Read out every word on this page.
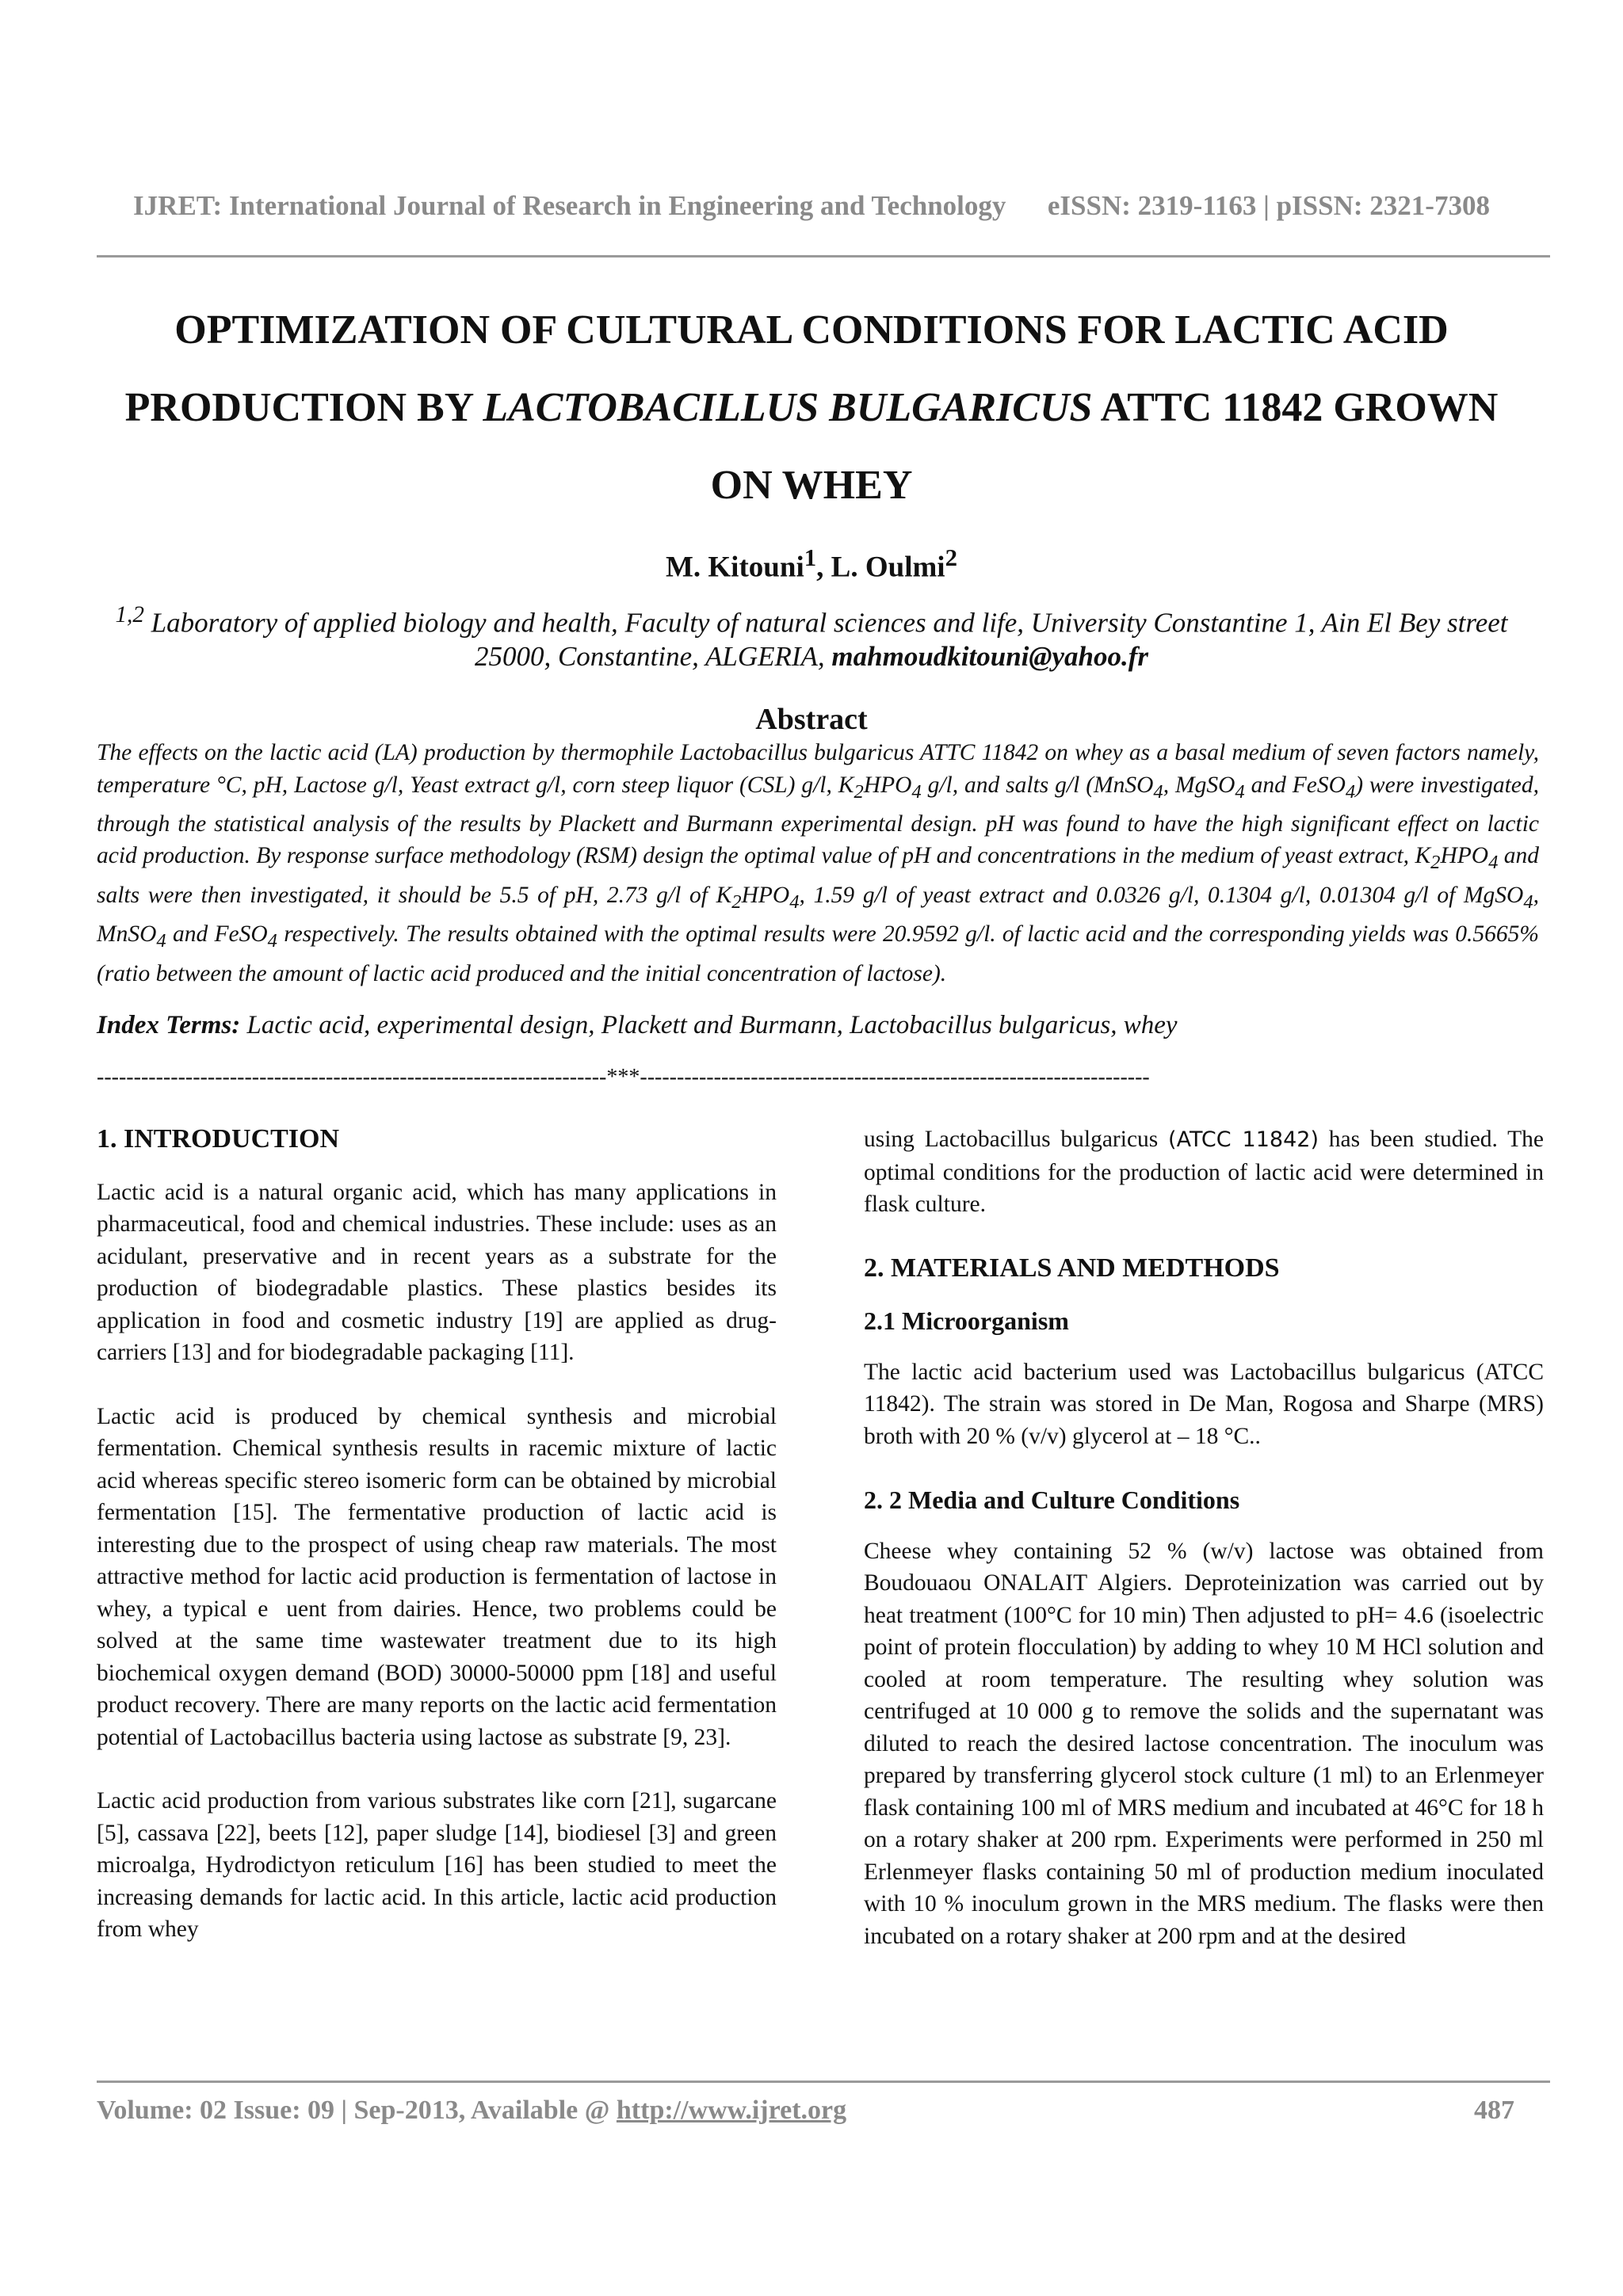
IJRET: International Journal of Research in Engineering and Technology eISSN: 2319-1163 | pISSN: 2321-7308
OPTIMIZATION OF CULTURAL CONDITIONS FOR LACTIC ACID
PRODUCTION BY LACTOBACILLUS BULGARICUS ATTC 11842 GROWN
ON WHEY
M. Kitouni$^1$, L. Oulmi$^2$
$^{1,2}$ Laboratory of applied biology and health, Faculty of natural sciences and life, University Constantine 1, Ain El Bey street 25000, Constantine, ALGERIA, mahmoudkitouni@yahoo.fr
Abstract

The effects on the lactic acid (LA) production by thermophile Lactobacillus bulgaricus ATTC 11842 on whey as a basal medium of seven factors namely, temperature °C, pH, Lactose g/l, Yeast extract g/l, corn steep liquor (CSL) g/l, $K_2HPO_4$ g/l, and salts g/l (MnSO$_4$, MgSO$_4$ and FeSO$_4$) were investigated, through the statistical analysis of the results by Plackett and Burmann experimental design. pH was found to have the high significant effect on lactic acid production. By response surface methodology (RSM) design the optimal value of pH and concentrations in the medium of yeast extract, $K_2HPO_4$ and salts were then investigated, it should be 5.5 of pH, 2.73 g/l of $K_2HPO_4$, 1.59 g/l of yeast extract and 0.0326 g/l, 0.1304 g/l, 0.01304 g/l of MgSO$_4$, MnSO$_4$ and FeSO$_4$ respectively. The results obtained with the optimal results were 20.9592 g/l. of lactic acid and the corresponding yields was 0.5665% (ratio between the amount of lactic acid produced and the initial concentration of lactose).

Index Terms: Lactic acid, experimental design, Plackett and Burmann, Lactobacillus bulgaricus, whey
---------------------------------------------------------------------***---------------------------------------------------------------------
1. INTRODUCTION

Lactic acid is a natural organic acid, which has many applications in pharmaceutical, food and chemical industries. These include: uses as an acidulant, preservative and in recent years as a substrate for the production of biodegradable plastics. These plastics besides its application in food and cosmetic industry [19] are applied as drug-carriers [13] and for biodegradable packaging [11].

Lactic acid is produced by chemical synthesis and microbial fermentation. Chemical synthesis results in racemic mixture of lactic acid whereas specific stereo isomeric form can be obtained by microbial fermentation [15]. The fermentative production of lactic acid is interesting due to the prospect of using cheap raw materials. The most attractive method for lactic acid production is fermentation of lactose in whey, a typical e uent from dairies. Hence, two problems could be solved at the same time wastewater treatment due to its high biochemical oxygen demand (BOD) 30000-50000 ppm [18] and useful product recovery. There are many reports on the lactic acid fermentation potential of Lactobacillus bacteria using lactose as substrate [9, 23].

Lactic acid production from various substrates like corn [21], sugarcane [5], cassava [22], beets [12], paper sludge [14], biodiesel [3] and green microalga, Hydrodictyon reticulum [16] has been studied to meet the increasing demands for lactic acid. In this article, lactic acid production from whey

using Lactobacillus bulgaricus (ATCC 11842) has been studied. The optimal conditions for the production of lactic acid were determined in flask culture.

2. MATERIALS AND MEDTHODS
2.1 Microorganism

The lactic acid bacterium used was Lactobacillus bulgaricus (ATCC 11842). The strain was stored in De Man, Rogosa and Sharpe (MRS) broth with 20 % (v/v) glycerol at – 18 °C..

2. 2 Media and Culture Conditions

Cheese whey containing 52 % (w/v) lactose was obtained from Boudouaou ONALAIT Algiers. Deproteinization was carried out by heat treatment (100°C for 10 min) Then adjusted to pH= 4.6 (isoelectric point of protein flocculation) by adding to whey 10 M HCl solution and cooled at room temperature. The resulting whey solution was centrifuged at 10 000 g to remove the solids and the supernatant was diluted to reach the desired lactose concentration. The inoculum was prepared by transferring glycerol stock culture (1 ml) to an Erlenmeyer flask containing 100 ml of MRS medium and incubated at 46°C for 18 h on a rotary shaker at 200 rpm. Experiments were performed in 250 ml Erlenmeyer flasks containing 50 ml of production medium inoculated with 10 % inoculum grown in the MRS medium. The flasks were then incubated on a rotary shaker at 200 rpm and at the desired

Volume: 02 Issue: 09 | Sep-2013, Available @ http://www.ijret.org	487
